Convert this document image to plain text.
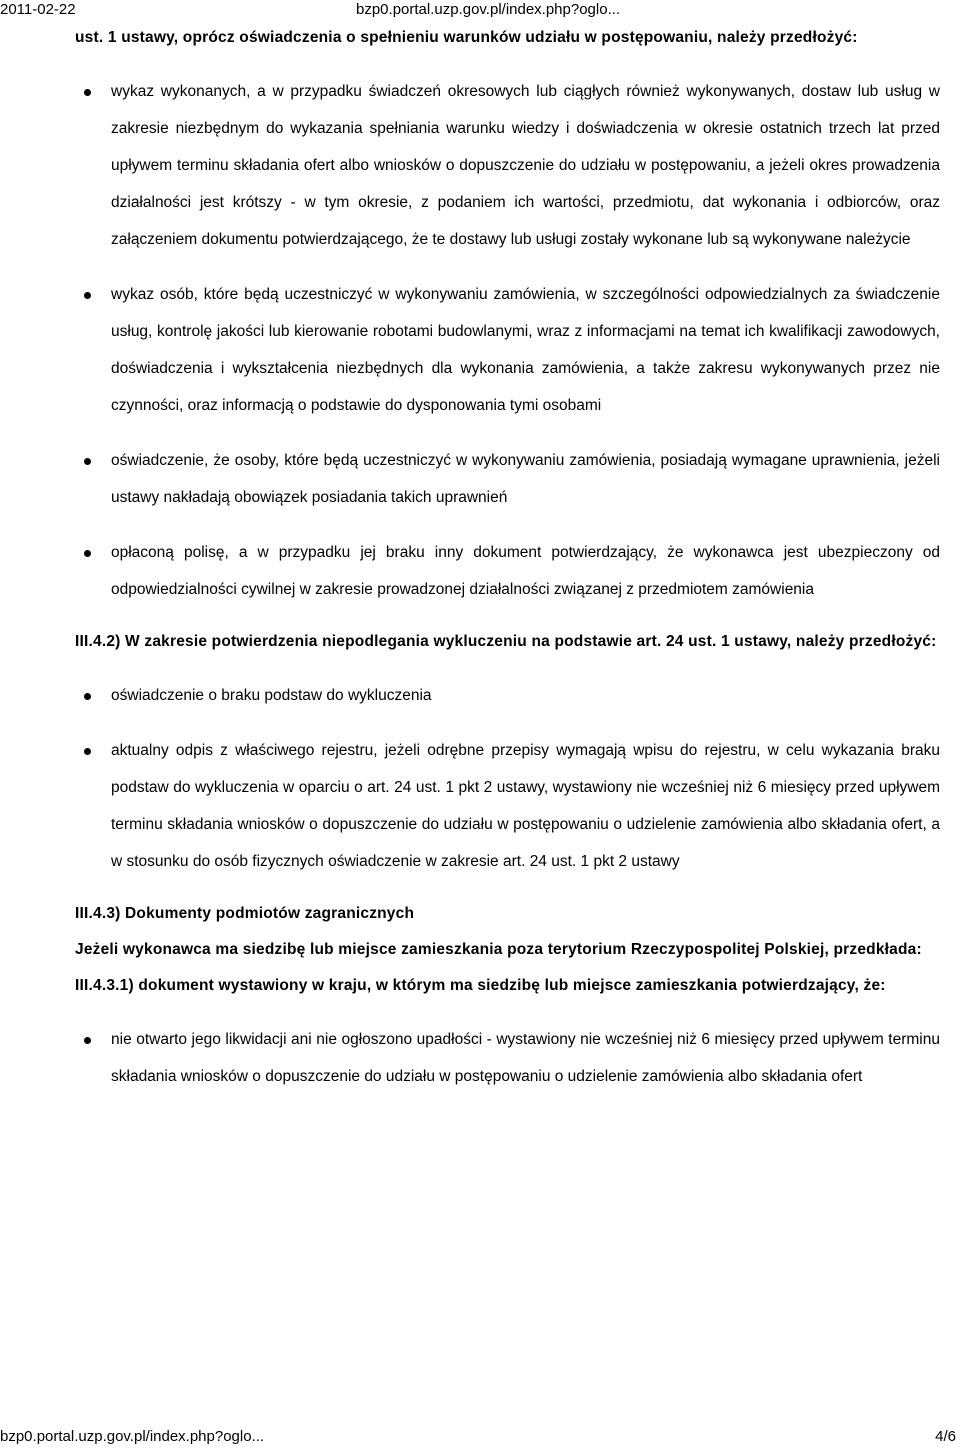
2011-02-22	bzp0.portal.uzp.gov.pl/index.php?oglo...

ust. 1 ustawy, oprócz oświadczenia o spełnieniu warunków udziału w postępowaniu, należy przedłożyć:

wykaz wykonanych, a w przypadku świadczeń okresowych lub ciągłych również wykonywanych, dostaw lub usług w zakresie niezbędnym do wykazania spełniania warunku wiedzy i doświadczenia w okresie ostatnich trzech lat przed upływem terminu składania ofert albo wniosków o dopuszczenie do udziału w postępowaniu, a jeżeli okres prowadzenia działalności jest krótszy - w tym okresie, z podaniem ich wartości, przedmiotu, dat wykonania i odbiorców, oraz załączeniem dokumentu potwierdzającego, że te dostawy lub usługi zostały wykonane lub są wykonywane należycie
wykaz osób, które będą uczestniczyć w wykonywaniu zamówienia, w szczególności odpowiedzialnych za świadczenie usług, kontrolę jakości lub kierowanie robotami budowlanymi, wraz z informacjami na temat ich kwalifikacji zawodowych, doświadczenia i wykształcenia niezbędnych dla wykonania zamówienia, a także zakresu wykonywanych przez nie czynności, oraz informacją o podstawie do dysponowania tymi osobami
oświadczenie, że osoby, które będą uczestniczyć w wykonywaniu zamówienia, posiadają wymagane uprawnienia, jeżeli ustawy nakładają obowiązek posiadania takich uprawnień
opłaconą polisę, a w przypadku jej braku inny dokument potwierdzający, że wykonawca jest ubezpieczony od odpowiedzialności cywilnej w zakresie prowadzonej działalności związanej z przedmiotem zamówienia

III.4.2) W zakresie potwierdzenia niepodlegania wykluczeniu na podstawie art. 24 ust. 1 ustawy, należy przedłożyć:

oświadczenie o braku podstaw do wykluczenia
aktualny odpis z właściwego rejestru, jeżeli odrębne przepisy wymagają wpisu do rejestru, w celu wykazania braku podstaw do wykluczenia w oparciu o art. 24 ust. 1 pkt 2 ustawy, wystawiony nie wcześniej niż 6 miesięcy przed upływem terminu składania wniosków o dopuszczenie do udziału w postępowaniu o udzielenie zamówienia albo składania ofert, a w stosunku do osób fizycznych oświadczenie w zakresie art. 24 ust. 1 pkt 2 ustawy

III.4.3) Dokumenty podmiotów zagranicznych

Jeżeli wykonawca ma siedzibę lub miejsce zamieszkania poza terytorium Rzeczypospolitej Polskiej, przedkłada:

III.4.3.1) dokument wystawiony w kraju, w którym ma siedzibę lub miejsce zamieszkania potwierdzający, że:

nie otwarto jego likwidacji ani nie ogłoszono upadłości - wystawiony nie wcześniej niż 6 miesięcy przed upływem terminu składania wniosków o dopuszczenie do udziału w postępowaniu o udzielenie zamówienia albo składania ofert
bzp0.portal.uzp.gov.pl/index.php?oglo...	4/6
